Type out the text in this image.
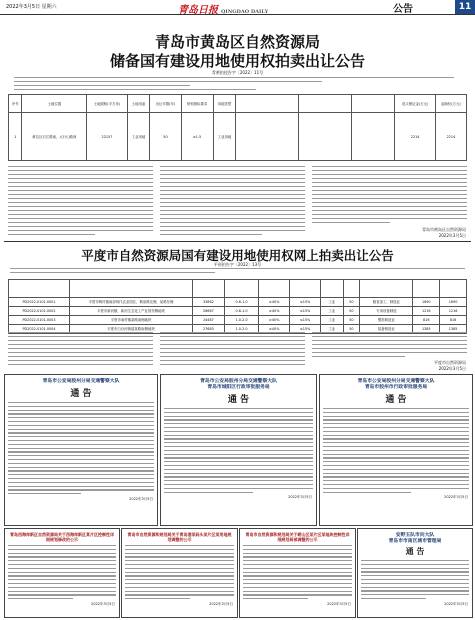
2022年3月5日 星期六	青岛日报 QINGDAO DAILY	公告	11
青岛市黄岛区自然资源局
储备国有建设用地使用权拍卖出让公告
青黄拍挂告字〔2022〕11号
序号	土地位置	土地面积(平方米)	土地用途	出让年限(年)	规划指标要求	用地类型				竞买保证金(万元)	起始价(万元)
1	黄岛区石江路南、太行山路西	22157	工业用地	50	≥1.5	工业用地				2214	2214
青岛市黄岛区自然资源局
2022年3月5日
平度市自然资源局国有建设用地使用权网上拍卖出让公告
平资拍告字〔2022〕13号

PD2022-0101-0001	平度市明村镇南部现代农业园区，鹤泉路北侧，某路东侧	33862	0.6-1.0	≥40%	≤15%	工业	50	粮食加工、制造业	1690	1690
PD2022-0101-0002	平度市新河镇，新河生态化工产业园东侧地块	26667	0.6-1.0	≥40%	≤15%	工业	50	专用设备制造	1216	1216
PD2022-0101-0003	平度市南村镇某路南侧地块	24487	1.0-2.0	≥40%	≤15%	工业	50	塑料制造业	816	816
PD2022-0101-0004	平度市白沙河街道某路南侧地块	27683	1.0-2.0	≥40%	≤15%	工业	50	装备制造业	1385	1385
平度市自然资源局
2022年3月5日
青岛市公安局胶州分局交通警察大队
通 告
2022年3月5日
青岛市公安局胶州分局交通警察大队
青岛市城阳区行政审批服务局
通 告
2022年3月5日
青岛市公安局胶州分局交通警察大队
青岛市胶州市行政审批服务局
通 告
2022年3月5日
青岛西海岸新区自然资源局关于西海岸新区某片区控制性详细规划修改的公示
2022年3月5日
青岛市自然资源和规划局关于青岛港某码头某片区某用地规划调整的公示
2022年3月5日
青岛市自然资源和规划局关于崂山区某片区某地块控制性详细规划局部调整的公示
2022年3月5日
安野玉队市向大队
青岛市市南区城市管理局
通 告
2022年3月5日
